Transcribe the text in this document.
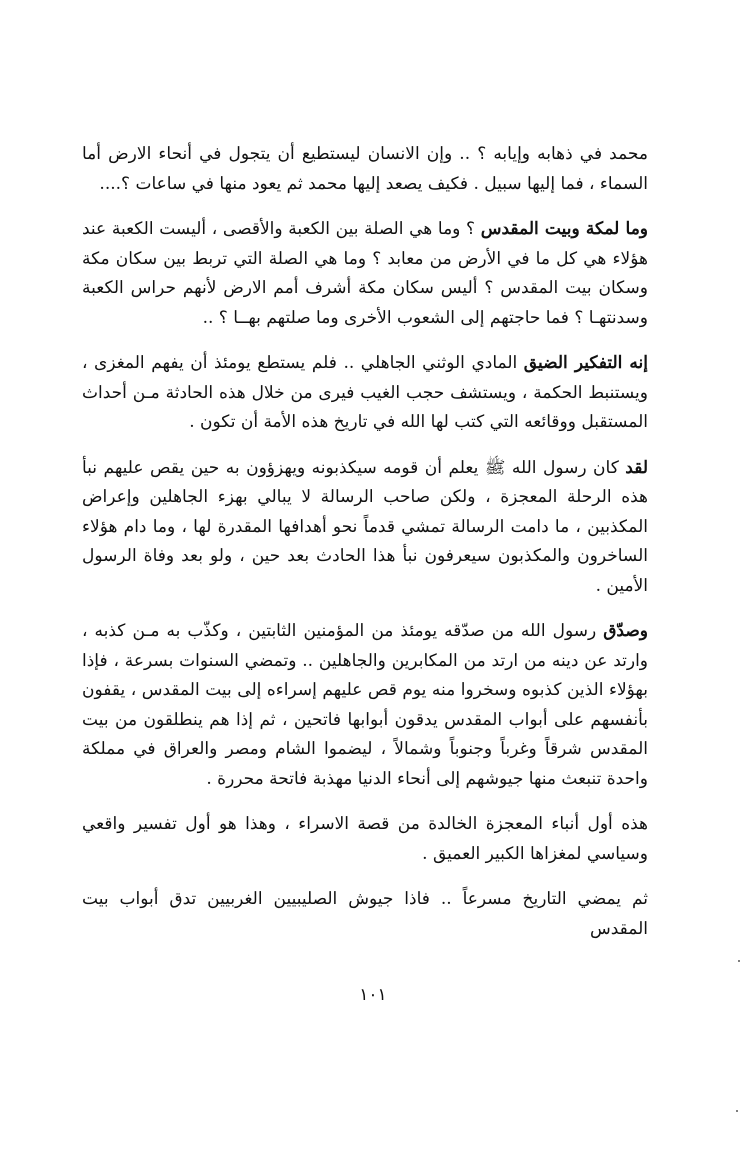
محمد في ذهابه وإيابه ؟ .. وإن الانسان ليستطيع أن يتجول في أنحاء الارض أما السماء ، فما إليها سبيل . فكيف يصعد إليها محمد ثم يعود منها في ساعات ؟....

وما لمكة وبيت المقدس ؟ وما هي الصلة بين الكعبة والأقصى ، أليست الكعبة عند هؤلاء هي كل ما في الأرض من معابد ؟ وما هي الصلة التي تربط بين سكان مكة وسكان بيت المقدس ؟ أليس سكان مكة أشرف أمم الارض لأنهم حراس الكعبة وسدنتهـا ؟ فما حاجتهم إلى الشعوب الأخرى وما صلتهم بهــا ؟ ..

إنه التفكير الضيق المادي الوثني الجاهلي .. فلم يستطع يومئذ أن يفهم المغزى ، ويستنبط الحكمة ، ويستشف حجب الغيب فيرى من خلال هذه الحادثة مـن أحداث المستقبل ووقائعه التي كتب لها الله في تاريخ هذه الأمة أن تكون .

لقد كان رسول الله ﷺ يعلم أن قومه سيكذبونه ويهزؤون به حين يقص عليهم نبأ هذه الرحلة المعجزة ، ولكن صاحب الرسالة لا يبالي بهزء الجاهلين وإعراض المكذبين ، ما دامت الرسالة تمشي قدماً نحو أهدافها المقدرة لها ، وما دام هؤلاء الساخرون والمكذبون سيعرفون نبأ هذا الحادث بعد حين ، ولو بعد وفاة الرسول الأمين .

وصدّق رسول الله من صدّقه يومئذ من المؤمنين الثابتين ، وكذّب به مـن كذبه ، وارتد عن دينه من ارتد من المكابرين والجاهلين .. وتمضي السنوات بسرعة ، فإذا بهؤلاء الذين كذبوه وسخروا منه يوم قص عليهم إسراءه إلى بيت المقدس ، يقفون بأنفسهم على أبواب المقدس يدقون أبوابها فاتحين ، ثم إذا هم ينطلقون من بيت المقدس شرقاً وغرباً وجنوباً وشمالاً ، ليضموا الشام ومصر والعراق في مملكة واحدة تنبعث منها جيوشهم إلى أنحاء الدنيا مهذبة فاتحة محررة .

هذه أول أنباء المعجزة الخالدة من قصة الاسراء ، وهذا هو أول تفسير واقعي وسياسي لمغزاها الكبير العميق .

ثم يمضي التاريخ مسرعاً .. فاذا جيوش الصليبيين الغربيين تدق أبواب بيت المقدس

١٠١
